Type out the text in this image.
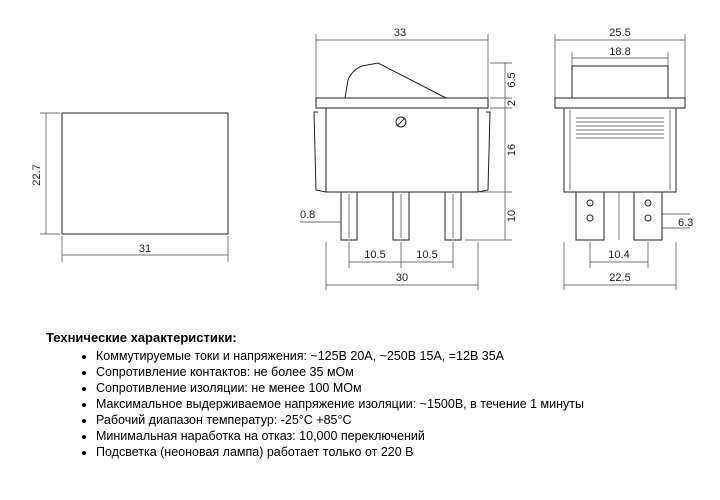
22.7
31
33
0.8
10.5	10.5
30
6.5
2
16
10
25.5
18.8
6.3
10.4
22.5
Технические характеристики:
• Коммутируемые токи и напряжения: ~125В 20А, ~250В 15А, =12В 35А
• Сопротивление контактов: не более 35 мОм
• Сопротивление изоляции: не менее 100 МОм
• Максимальное выдерживаемое напряжение изоляции: ~1500В, в течение 1 минуты
• Рабочий диапазон температур: -25°С +85°С
• Минимальная наработка на отказ: 10,000 переключений
• Подсветка (неоновая лампа) работает только от 220 В
